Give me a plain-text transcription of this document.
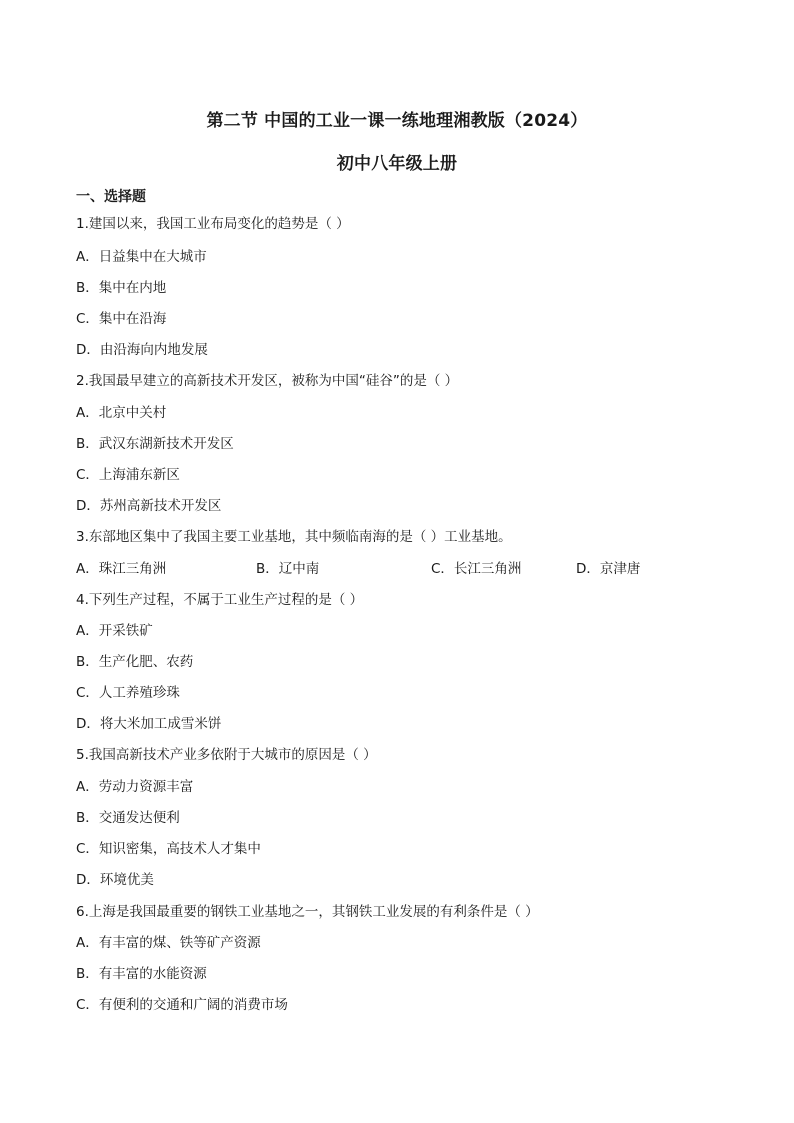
第二节 中国的工业一课一练地理湘教版（2024）
初中八年级上册
一、选择题
1.建国以来，我国工业布局变化的趋势是（ ）
A．日益集中在大城市
B．集中在内地
C．集中在沿海
D．由沿海向内地发展
2.我国最早建立的高新技术开发区，被称为中国“硅谷”的是（ ）
A．北京中关村
B．武汉东湖新技术开发区
C．上海浦东新区
D．苏州高新技术开发区
3.东部地区集中了我国主要工业基地，其中频临南海的是（ ）工业基地。
A．珠江三角洲	B．辽中南	C．长江三角洲	D．京津唐
4.下列生产过程，不属于工业生产过程的是（ ）
A．开采铁矿
B．生产化肥、农药
C．人工养殖珍珠
D．将大米加工成雪米饼
5.我国高新技术产业多依附于大城市的原因是（ ）
A．劳动力资源丰富
B．交通发达便利
C．知识密集，高技术人才集中
D．环境优美
6.上海是我国最重要的钢铁工业基地之一，其钢铁工业发展的有利条件是（ ）
A．有丰富的煤、铁等矿产资源
B．有丰富的水能资源
C．有便利的交通和广阔的消费市场
